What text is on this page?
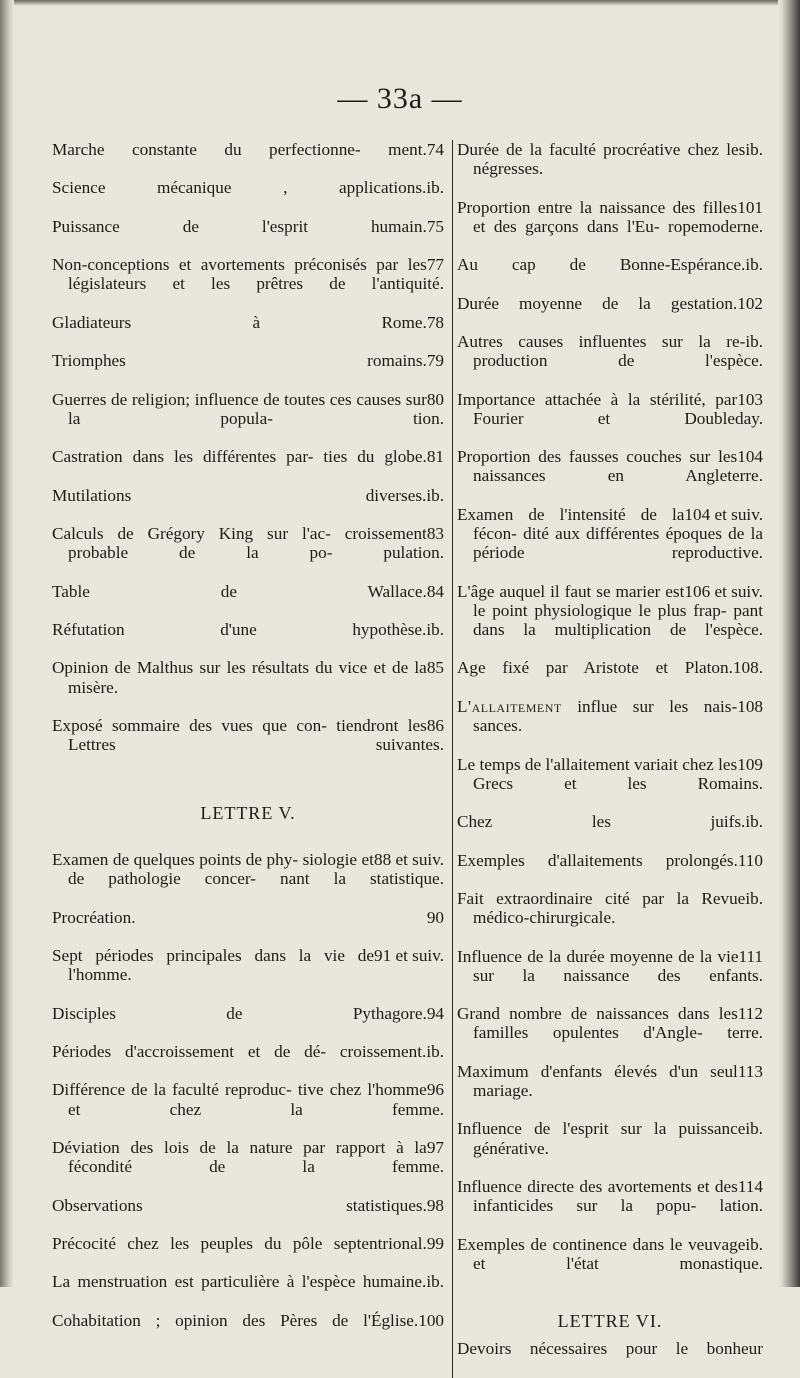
— 33a —
74
Marche constante du perfectionne- ment.
ib.
Science mécanique , applications.
75
Puissance de l'esprit humain.
77
Non-conceptions et avortements préconisés par les législateurs et les prêtres de l'antiquité.
78
Gladiateurs à Rome.
79
Triomphes romains.
80
Guerres de religion; influence de toutes ces causes sur la popula- tion.
81
Castration dans les différentes par- ties du globe.
ib.
Mutilations diverses.
83
Calculs de Grégory King sur l'ac- croissement probable de la po- pulation.
84
Table de Wallace.
ib.
Réfutation d'une hypothèse.
85
Opinion de Malthus sur les résultats du vice et de la misère.
86
Exposé sommaire des vues que con- tiendront les Lettres suivantes.
LETTRE V.
88 et suiv.
Examen de quelques points de phy- siologie et de pathologie concer- nant la statistique.
90
Procréation.
91 et suiv.
Sept périodes principales dans la vie de l'homme.
94
Disciples de Pythagore.
ib.
Périodes d'accroissement et de dé- croissement.
96
Différence de la faculté reproduc- tive chez l'homme et chez la femme.
97
Déviation des lois de la nature par rapport à la fécondité de la femme.
98
Observations statistiques.
99
Précocité chez les peuples du pôle septentrional.
ib.
La menstruation est particulière à l'espèce humaine.
100
Cohabitation ; opinion des Pères de l'Église.
ib.
Durée de la faculté procréative chez les négresses.
101
Proportion entre la naissance des filles et des garçons dans l'Eu- ropemoderne.
ib.
Au cap de Bonne-Espérance.
102
Durée moyenne de la gestation.
ib.
Autres causes influentes sur la re- production de l'espèce.
103
Importance attachée à la stérilité, par Fourier et Doubleday.
104
Proportion des fausses couches sur les naissances en Angleterre.
104 et suiv.
Examen de l'intensité de la fécon- dité aux différentes époques de la période reproductive.
106 et suiv.
L'âge auquel il faut se marier est le point physiologique le plus frap- pant dans la multiplication de l'espèce.
108.
Age fixé par Aristote et Platon.
108
L'allaitement influe sur les nais- sances.
109
Le temps de l'allaitement variait chez les Grecs et les Romains.
ib.
Chez les juifs.
110
Exemples d'allaitements prolongés.
ib.
Fait extraordinaire cité par la Revue médico-chirurgicale.
111
Influence de la durée moyenne de la vie sur la naissance des enfants.
112
Grand nombre de naissances dans les familles opulentes d'Angle- terre.
113
Maximum d'enfants élevés d'un seul mariage.
ib.
Influence de l'esprit sur la puissance générative.
114
Influence directe des avortements et des infanticides sur la popu- lation.
ib.
Exemples de continence dans le veuvage et l'état monastique.
LETTRE VI.
Devoirs nécessaires pour le bonheur
